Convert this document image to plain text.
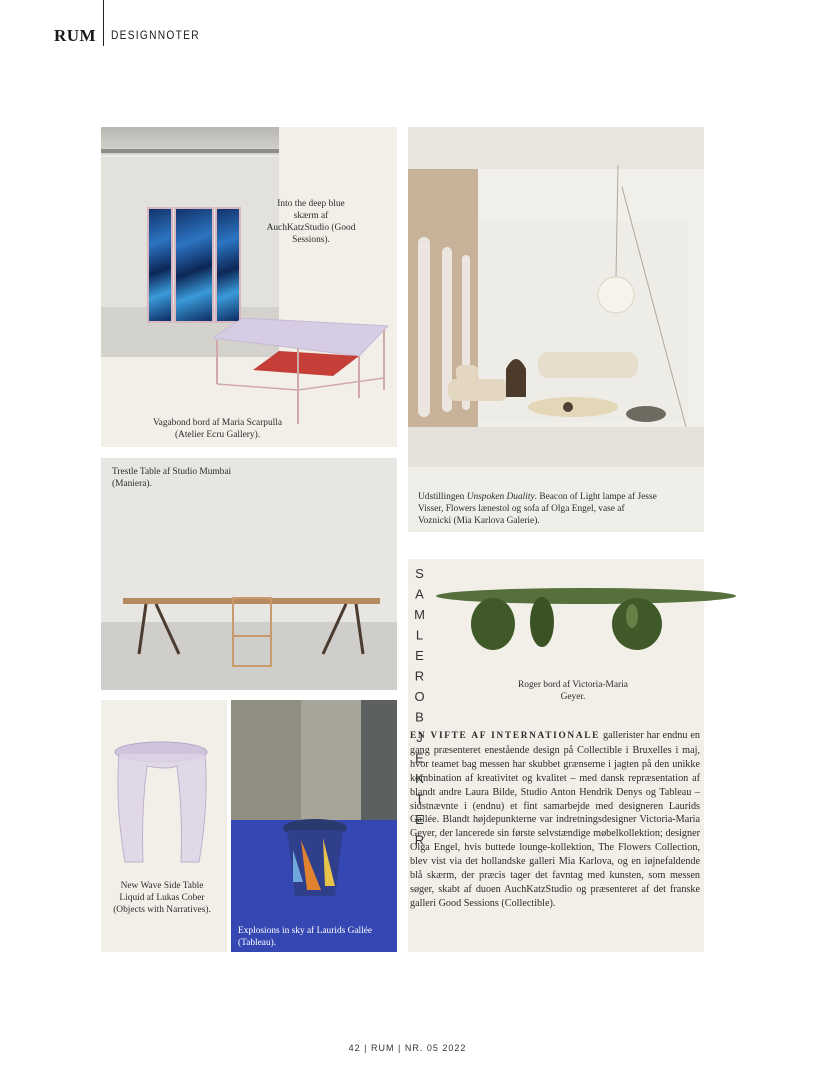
RUM DESIGNNOTER
Into the deep blue skærm af AuchKatzStudio (Good Sessions).
Vagabond bord af Maria Scarpulla (Atelier Ecru Gallery).
Trestle Table af Studio Mumbai (Maniera).
Udstillingen Unspoken Duality. Beacon of Light lampe af Jesse Visser, Flowers lænestol og sofa af Olga Engel, vase af Voznicki (Mia Karlova Galerie).
Roger bord af Victoria-Maria Geyer.
SAMLEROBJEKTER
EN VIFTE AF INTERNATIONALE gallerister har endnu en gang præsenteret enestående design på Collectible i Bruxelles i maj, hvor teamet bag messen har skubbet grænserne i jagten på den unikke kombination af kreativitet og kvalitet – med dansk repræsentation af blandt andre Laura Bilde, Studio Anton Hendrik Denys og Tableau – sidstnævnte i (endnu) et fint samarbejde med designeren Laurids Gallée. Blandt højdepunkterne var indretningsdesigner Victoria-Maria Geyer, der lancerede sin første selvstændige møbelkollektion; designer Olga Engel, hvis buttede lounge-kollektion, The Flowers Collection, blev vist via det hollandske galleri Mia Karlova, og en iøjnefaldende blå skærm, der præcis tager det favntag med kunsten, som messen søger, skabt af duoen AuchKatzStudio og præsenteret af det franske galleri Good Sessions (Collectible).
New Wave Side Table Liquid af Lukas Cober (Objects with Narratives).
Explosions in sky af Laurids Gallée (Tableau).
42 | RUM | NR. 05 2022
